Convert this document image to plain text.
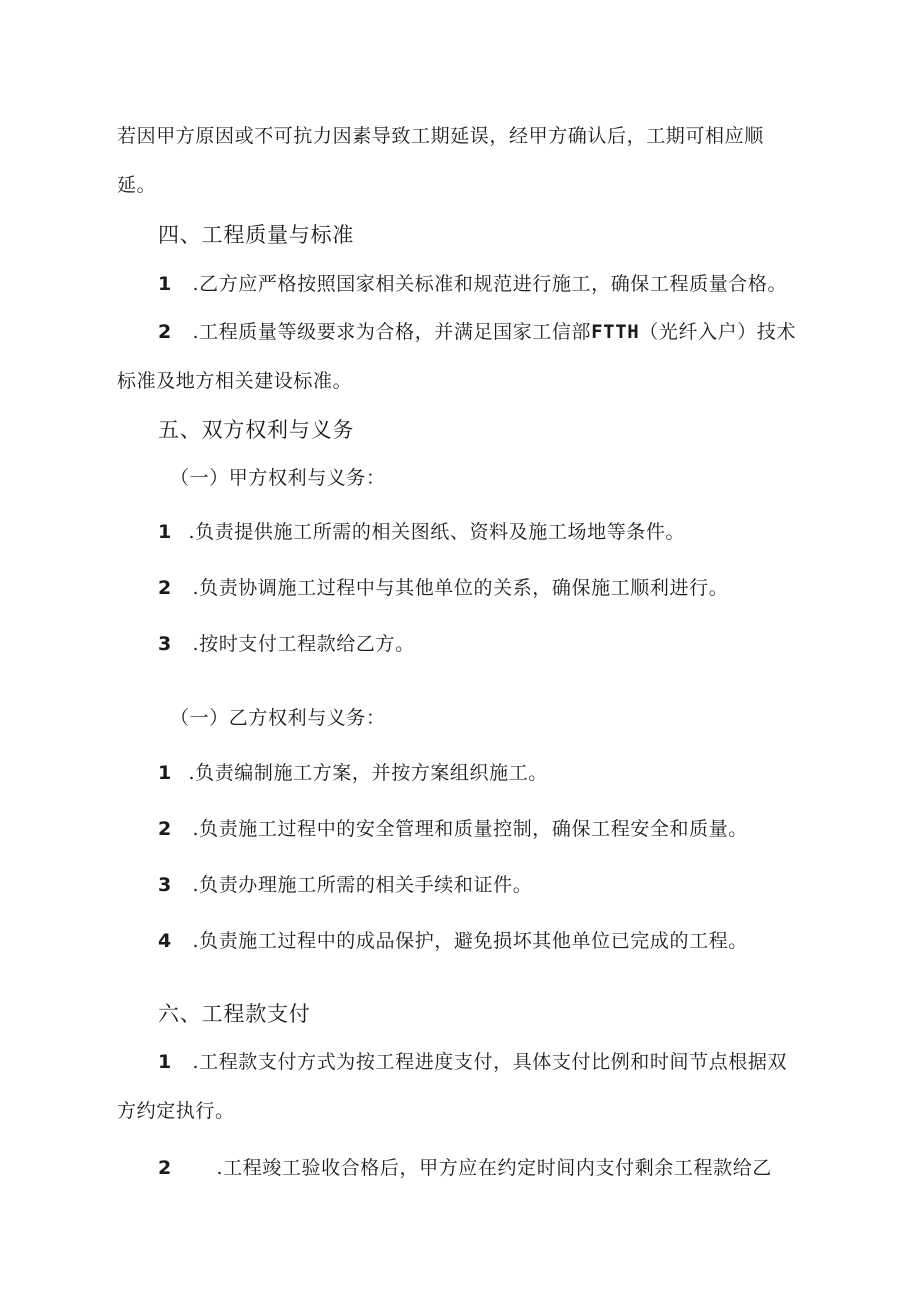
若因甲方原因或不可抗力因素导致工期延误，经甲方确认后，工期可相应顺
延。
四、工程质量与标准
1 .乙方应严格按照国家相关标准和规范进行施工，确保工程质量合格。
2 .工程质量等级要求为合格，并满足国家工信部FTTH（光纤入户）技术
标准及地方相关建设标准。
五、双方权利与义务
（一）甲方权利与义务：
1 .负责提供施工所需的相关图纸、资料及施工场地等条件。
2 .负责协调施工过程中与其他单位的关系，确保施工顺利进行。
3 .按时支付工程款给乙方。
（一）乙方权利与义务：
1 .负责编制施工方案，并按方案组织施工。
2 .负责施工过程中的安全管理和质量控制，确保工程安全和质量。
3 .负责办理施工所需的相关手续和证件。
4 .负责施工过程中的成品保护，避免损坏其他单位已完成的工程。
六、工程款支付
1 .工程款支付方式为按工程进度支付，具体支付比例和时间节点根据双
方约定执行。
2 .工程竣工验收合格后，甲方应在约定时间内支付剩余工程款给乙
